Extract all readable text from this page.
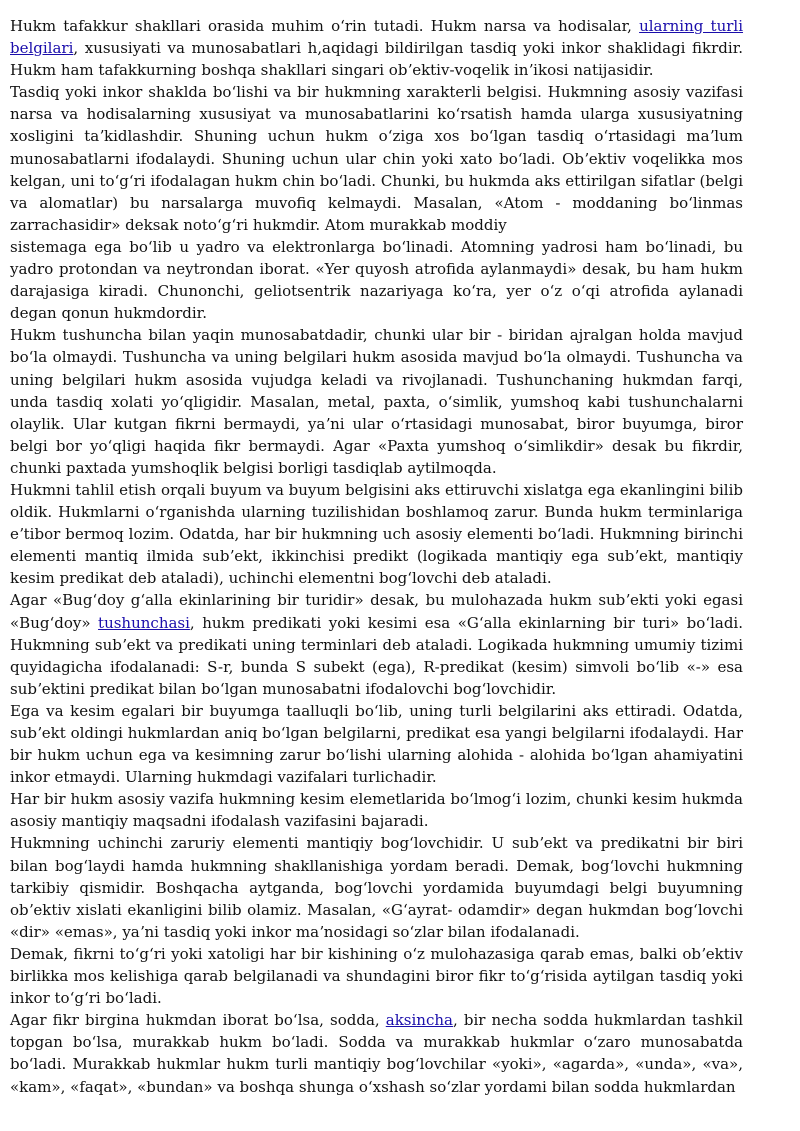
Hukm tafakkur shakllari orasida muhim oʻrin tutadi. Hukm narsa va hodisalar, ularning turli belgilari, xususiyati va munosabatlari h,aqidagi bildirilgan tasdiq yoki inkor shaklidagi fikrdir. Hukm ham tafakkurning boshqa shakllari singari obʼektiv-voqelik inʼikosi natijasidir.

Tasdiq yoki inkor shaklda boʻlishi va bir hukmning xarakterli belgisi. Hukmning asosiy vazifasi narsa va hodisalarning xususiyat va munosabatlarini koʻrsatish hamda ularga xususiyatning xosligini taʼkidlashdir. Shuning uchun hukm oʻziga xos boʻlgan tasdiq oʻrtasidagi maʼlum munosabatlarni ifodalaydi. Shuning uchun ular chin yoki xato boʻladi. Obʼektiv voqelikka mos kelgan, uni toʻgʻri ifodalagan hukm chin boʻladi. Chunki, bu hukmda aks ettirilgan sifatlar (belgi va alomatlar) bu narsalarga muvofiq kelmaydi. Masalan, «Atom - moddaning boʻlinmas zarrachasidir» deksak notoʻgʻri hukmdir. Atom murakkab moddiy

sistemaga ega boʻlib u yadro va elektronlarga boʻlinadi. Atomning yadrosi ham boʻlinadi, bu yadro protondan va neytrondan iborat. «Yer quyosh atrofida aylanmaydi» desak, bu ham hukm darajasiga kiradi. Chunonchi, geliotsentrik nazariyaga koʻra, yer oʻz oʻqi atrofida aylanadi degan qonun hukmdordir.

Hukm tushuncha bilan yaqin munosabatdadir, chunki ular bir - biridan ajralgan holda mavjud boʻla olmaydi. Tushuncha va uning belgilari hukm asosida mavjud boʻla olmaydi. Tushuncha va uning belgilari hukm asosida vujudga keladi va rivojlanadi. Tushunchaning hukmdan farqi, unda tasdiq xolati yoʻqligidir. Masalan, metal, paxta, oʻsimlik, yumshoq kabi tushunchalarni olaylik. Ular kutgan fikrni bermaydi, yaʼni ular oʻrtasidagi munosabat, biror buyumga, biror belgi bor yoʻqligi haqida fikr bermaydi. Agar «Paxta yumshoq oʻsimlikdir» desak bu fikrdir, chunki paxtada yumshoqlik belgisi borligi tasdiqlab aytilmoqda.

Hukmni tahlil etish orqali buyum va buyum belgisini aks ettiruvchi xislatga ega ekanlingini bilib oldik. Hukmlarni oʻrganishda ularning tuzilishidan boshlamoq zarur. Bunda hukm terminlariga eʼtibor bermoq lozim. Odatda, har bir hukmning uch asosiy elementi boʻladi. Hukmning birinchi elementi mantiq ilmida subʼekt, ikkinchisi predikt (logikada mantiqiy ega subʼekt, mantiqiy kesim predikat deb ataladi), uchinchi elementni bogʻlovchi deb ataladi.

Agar «Bugʻdoy gʻalla ekinlarining bir turidir» desak, bu mulohazada hukm subʼekti yoki egasi «Bugʻdoy» tushunchasi, hukm predikati yoki kesimi esa «Gʻalla ekinlarning bir turi» boʻladi. Hukmning subʼekt va predikati uning terminlari deb ataladi. Logikada hukmning umumiy tizimi quyidagicha ifodalanadi: S-r, bunda S subekt (ega), R-predikat (kesim) simvoli boʻlib «-» esa subʼektini predikat bilan boʻlgan munosabatni ifodalovchi bogʻlovchidir.

Ega va kesim egalari bir buyumga taalluqli boʻlib, uning turli belgilarini aks ettiradi. Odatda, subʼekt oldingi hukmlardan aniq boʻlgan belgilarni, predikat esa yangi belgilarni ifodalaydi. Har bir hukm uchun ega va kesimning zarur boʻlishi ularning alohida - alohida boʻlgan ahamiyatini inkor etmaydi. Ularning hukmdagi vazifalari turlichadir.

Har bir hukm asosiy vazifa hukmning kesim elemetlarida boʻlmogʻi lozim, chunki kesim hukmda asosiy mantiqiy maqsadni ifodalash vazifasini bajaradi.

Hukmning uchinchi zaruriy elementi mantiqiy bogʻlovchidir. U subʼekt va predikatni bir biri bilan bogʻlaydi hamda hukmning shakllanishiga yordam beradi. Demak, bogʻlovchi hukmning tarkibiy qismidir. Boshqacha aytganda, bogʻlovchi yordamida buyumdagi belgi buyumning obʼektiv xislati ekanligini bilib olamiz. Masalan, «Gʻayrat- odamdir» degan hukmdan bogʻlovchi «dir» «emas», yaʼni tasdiq yoki inkor maʼnosidagi soʻzlar bilan ifodalanadi.

Demak, fikrni toʻgʻri yoki xatoligi har bir kishining oʻz mulohazasiga qarab emas, balki obʼektiv birlikka mos kelishiga qarab belgilanadi va shundagini biror fikr toʻgʻrisida aytilgan tasdiq yoki inkor toʻgʻri boʻladi.

Agar fikr birgina hukmdan iborat boʻlsa, sodda, aksincha, bir necha sodda hukmlardan tashkil topgan boʻlsa, murakkab hukm boʻladi. Sodda va murakkab hukmlar oʻzaro munosabatda boʻladi. Murakkab hukmlar hukm turli mantiqiy bogʻlovchilar «yoki», «agarda», «unda», «va», «kam», «faqat», «bundan» va boshqa shunga oʻxshash soʻzlar yordami bilan sodda hukmlardan
